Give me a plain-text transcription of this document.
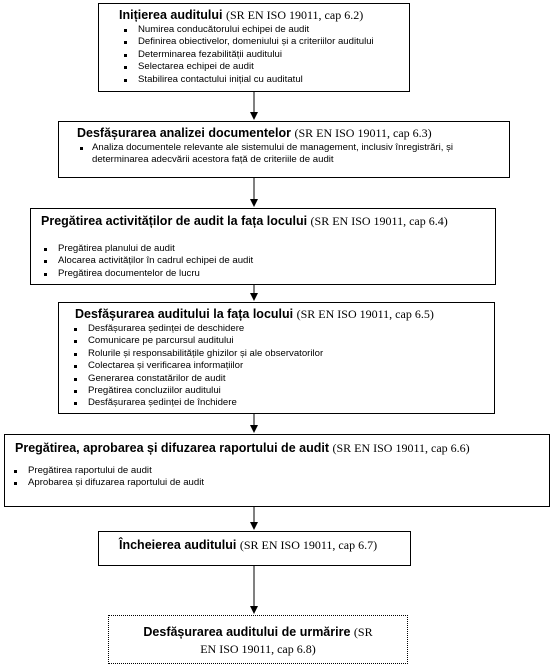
Inițierea auditului (SR EN ISO 19011, cap 6.2)
Numirea conducătorului echipei de audit
Definirea obiectivelor, domeniului și a criteriilor auditului
Determinarea fezabilității auditului
Selectarea echipei de audit
Stabilirea contactului inițial cu auditatul
Desfășurarea analizei documentelor (SR EN ISO 19011, cap 6.3)
Analiza documentele relevante ale sistemului de management, inclusiv înregistrări, și determinarea adecvării acestora față de criteriile de audit
Pregătirea activităților de audit la fața locului (SR EN ISO 19011, cap 6.4)
Pregătirea planului de audit
Alocarea activităților în cadrul echipei de audit
Pregătirea documentelor de lucru
Desfășurarea auditului la fața locului (SR EN ISO 19011, cap 6.5)
Desfășurarea ședinței de deschidere
Comunicare pe parcursul auditului
Rolurile și responsabilitățile ghizilor și ale observatorilor
Colectarea și verificarea informațiilor
Generarea constatărilor de audit
Pregătirea concluziilor auditului
Desfășurarea ședinței de închidere
Pregătirea, aprobarea și difuzarea raportului de audit (SR EN ISO 19011, cap 6.6)
Pregătirea raportului de audit
Aprobarea și difuzarea raportului de audit
Încheierea auditului (SR EN ISO 19011, cap 6.7)
Desfășurarea auditului de urmărire (SR
EN ISO 19011, cap 6.8)
